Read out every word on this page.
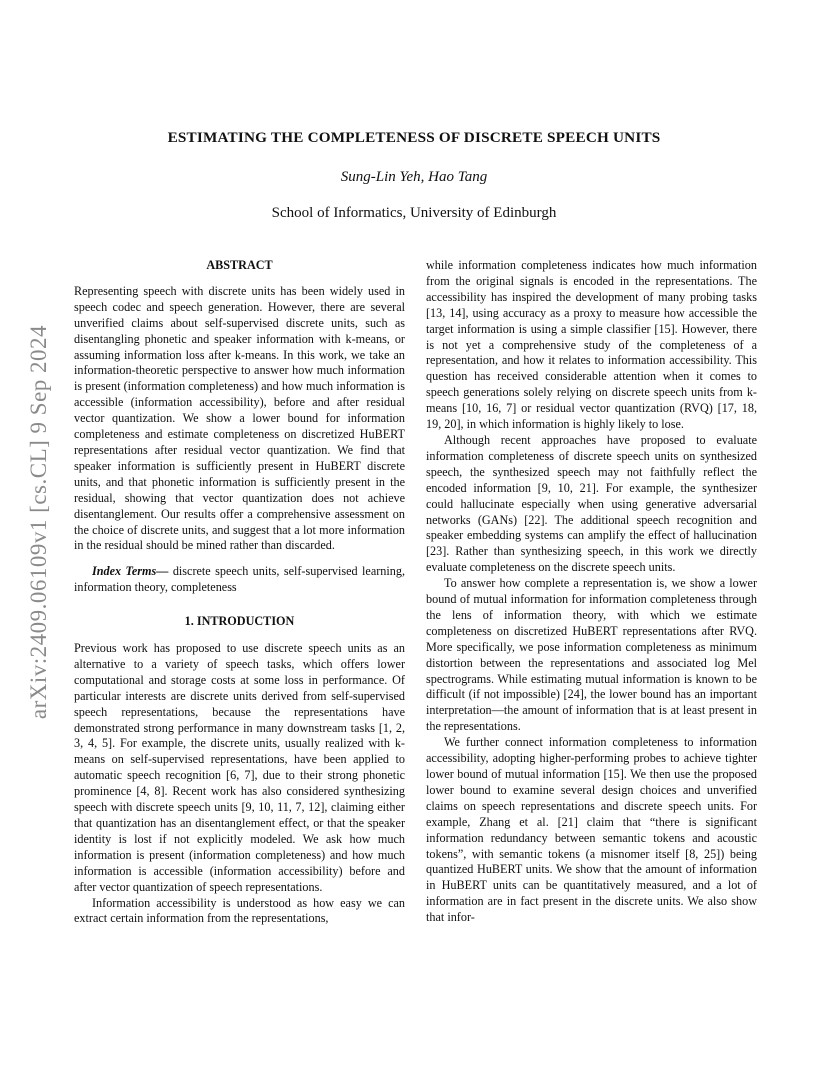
arXiv:2409.06109v1 [cs.CL] 9 Sep 2024
ESTIMATING THE COMPLETENESS OF DISCRETE SPEECH UNITS
Sung-Lin Yeh, Hao Tang
School of Informatics, University of Edinburgh
ABSTRACT

Representing speech with discrete units has been widely used in speech codec and speech generation. However, there are several unverified claims about self-supervised discrete units, such as disentangling phonetic and speaker information with k-means, or assuming information loss after k-means. In this work, we take an information-theoretic perspective to answer how much information is present (information completeness) and how much information is accessible (information accessibility), before and after residual vector quantization. We show a lower bound for information completeness and estimate completeness on discretized HuBERT representations after residual vector quantization. We find that speaker information is sufficiently present in HuBERT discrete units, and that phonetic information is sufficiently present in the residual, showing that vector quantization does not achieve disentanglement. Our results offer a comprehensive assessment on the choice of discrete units, and suggest that a lot more information in the residual should be mined rather than discarded.

Index Terms— discrete speech units, self-supervised learning, information theory, completeness

1. INTRODUCTION

Previous work has proposed to use discrete speech units as an alternative to a variety of speech tasks, which offers lower computational and storage costs at some loss in performance. Of particular interests are discrete units derived from self-supervised speech representations, because the representations have demonstrated strong performance in many downstream tasks [1, 2, 3, 4, 5]. For example, the discrete units, usually realized with k-means on self-supervised representations, have been applied to automatic speech recognition [6, 7], due to their strong phonetic prominence [4, 8]. Recent work has also considered synthesizing speech with discrete speech units [9, 10, 11, 7, 12], claiming either that quantization has an disentanglement effect, or that the speaker identity is lost if not explicitly modeled. We ask how much information is present (information completeness) and how much information is accessible (information accessibility) before and after vector quantization of speech representations.

Information accessibility is understood as how easy we can extract certain information from the representations,

while information completeness indicates how much information from the original signals is encoded in the representations. The accessibility has inspired the development of many probing tasks [13, 14], using accuracy as a proxy to measure how accessible the target information is using a simple classifier [15]. However, there is not yet a comprehensive study of the completeness of a representation, and how it relates to information accessibility. This question has received considerable attention when it comes to speech generations solely relying on discrete speech units from k-means [10, 16, 7] or residual vector quantization (RVQ) [17, 18, 19, 20], in which information is highly likely to lose.

Although recent approaches have proposed to evaluate information completeness of discrete speech units on synthesized speech, the synthesized speech may not faithfully reflect the encoded information [9, 10, 21]. For example, the synthesizer could hallucinate especially when using generative adversarial networks (GANs) [22]. The additional speech recognition and speaker embedding systems can amplify the effect of hallucination [23]. Rather than synthesizing speech, in this work we directly evaluate completeness on the discrete speech units.

To answer how complete a representation is, we show a lower bound of mutual information for information completeness through the lens of information theory, with which we estimate completeness on discretized HuBERT representations after RVQ. More specifically, we pose information completeness as minimum distortion between the representations and associated log Mel spectrograms. While estimating mutual information is known to be difficult (if not impossible) [24], the lower bound has an important interpretation—the amount of information that is at least present in the representations.

We further connect information completeness to information accessibility, adopting higher-performing probes to achieve tighter lower bound of mutual information [15]. We then use the proposed lower bound to examine several design choices and unverified claims on speech representations and discrete speech units. For example, Zhang et al. [21] claim that “there is significant information redundancy between semantic tokens and acoustic tokens”, with semantic tokens (a misnomer itself [8, 25]) being quantized HuBERT units. We show that the amount of information in HuBERT units can be quantitatively measured, and a lot of information are in fact present in the discrete units. We also show that infor-
